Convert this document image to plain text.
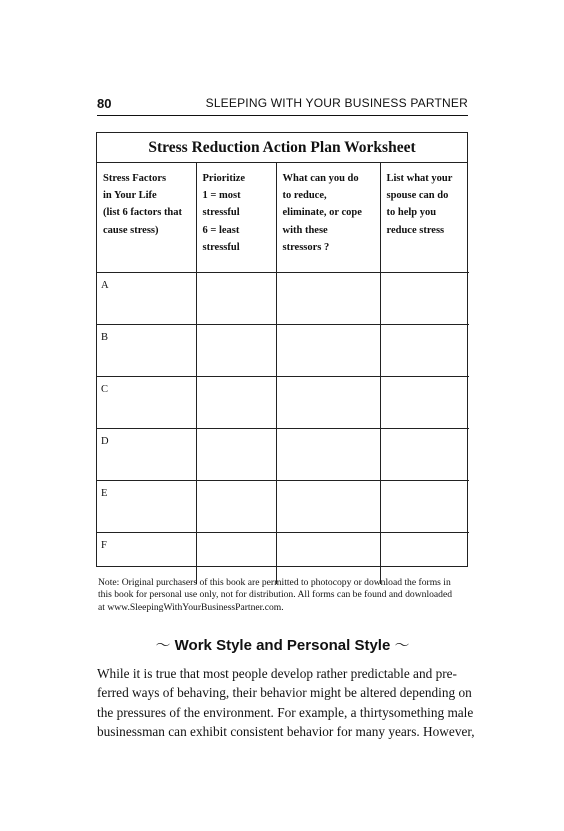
80	SLEEPING WITH YOUR BUSINESS PARTNER
Stress Reduction Action Plan Worksheet
Stress Factors
in Your Life
(list 6 factors that
cause stress)	Prioritize
1 = most
stressful
6 = least
stressful	What can you do
to reduce,
eliminate, or cope
with these
stressors ?	List what your
spouse can do
to help you
reduce stress

A			

B			

C			

D			

E			

F			

Note: Original purchasers of this book are permitted to photocopy or download the forms in
this book for personal use only, not for distribution. All forms can be found and downloaded
at www.SleepingWithYourBusinessPartner.com.
〜 Work Style and Personal Style 〜
While it is true that most people develop rather predictable and pre-
ferred ways of behaving, their behavior might be altered depending on
the pressures of the environment. For example, a thirtysomething male
businessman can exhibit consistent behavior for many years. However,
